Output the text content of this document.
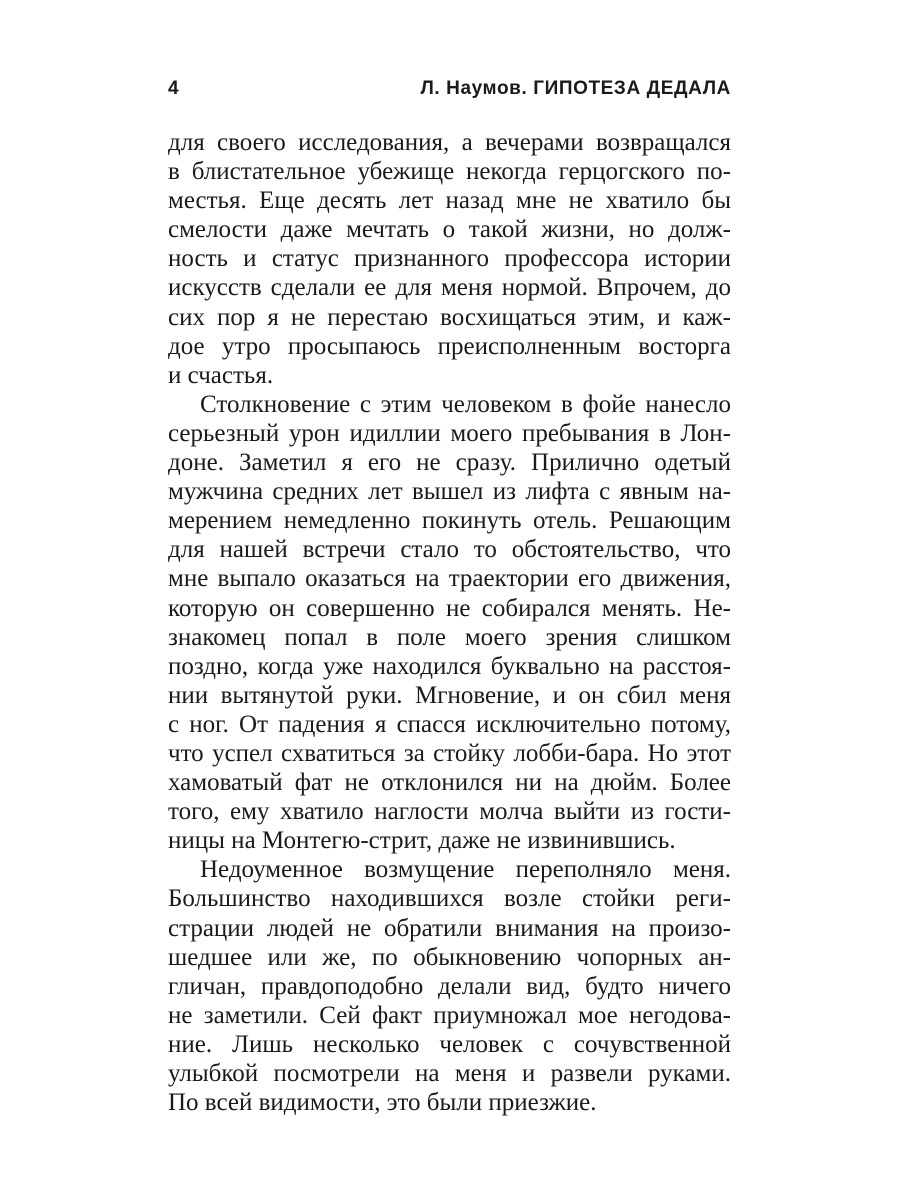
4	Л. Наумов. ГИПОТЕЗА ДЕДАЛА
для своего исследования, а вечерами возвращался
в блистательное убежище некогда герцогского по-
местья. Еще десять лет назад мне не хватило бы
смелости даже мечтать о такой жизни, но долж-
ность и статус признанного профессора истории
искусств сделали ее для меня нормой. Впрочем, до
сих пор я не перестаю восхищаться этим, и каж-
дое утро просыпаюсь преисполненным восторга
и счастья.
Столкновение с этим человеком в фойе нанесло
серьезный урон идиллии моего пребывания в Лон-
доне. Заметил я его не сразу. Прилично одетый
мужчина средних лет вышел из лифта с явным на-
мерением немедленно покинуть отель. Решающим
для нашей встречи стало то обстоятельство, что
мне выпало оказаться на траектории его движения,
которую он совершенно не собирался менять. Не-
знакомец попал в поле моего зрения слишком
поздно, когда уже находился буквально на расстоя-
нии вытянутой руки. Мгновение, и он сбил меня
с ног. От падения я спасся исключительно потому,
что успел схватиться за стойку лобби-бара. Но этот
хамоватый фат не отклонился ни на дюйм. Более
того, ему хватило наглости молча выйти из гости-
ницы на Монтегю-стрит, даже не извинившись.
Недоуменное возмущение переполняло меня.
Большинство находившихся возле стойки реги-
страции людей не обратили внимания на произо-
шедшее или же, по обыкновению чопорных ан-
гличан, правдоподобно делали вид, будто ничего
не заметили. Сей факт приумножал мое негодова-
ние. Лишь несколько человек с сочувственной
улыбкой посмотрели на меня и развели руками.
По всей видимости, это были приезжие.
